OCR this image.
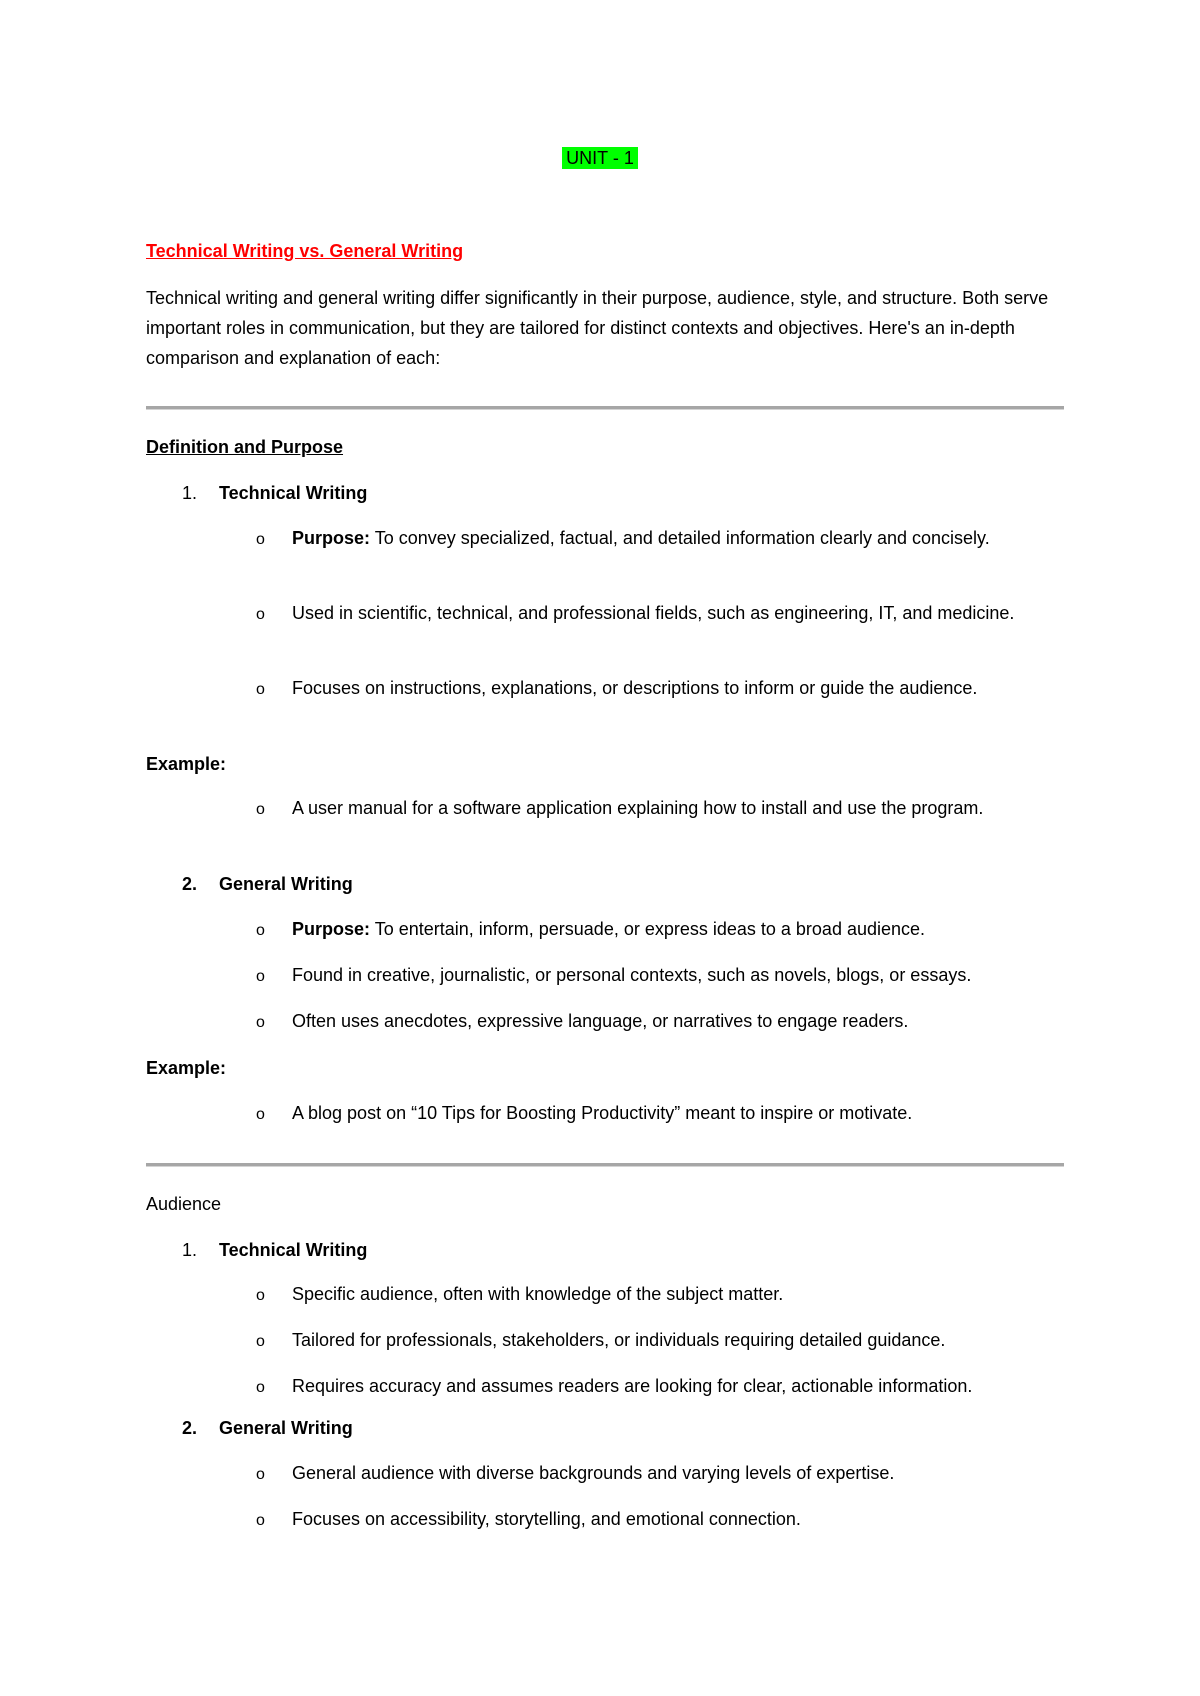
UNIT - 1
Technical Writing vs. General Writing
Technical writing and general writing differ significantly in their purpose, audience, style, and structure. Both serve important roles in communication, but they are tailored for distinct contexts and objectives. Here's an in-depth comparison and explanation of each:
Definition and Purpose
1. Technical Writing
o Purpose: To convey specialized, factual, and detailed information clearly and concisely.
o Used in scientific, technical, and professional fields, such as engineering, IT, and medicine.
o Focuses on instructions, explanations, or descriptions to inform or guide the audience.
Example:
o A user manual for a software application explaining how to install and use the program.
2. General Writing
o Purpose: To entertain, inform, persuade, or express ideas to a broad audience.
o Found in creative, journalistic, or personal contexts, such as novels, blogs, or essays.
o Often uses anecdotes, expressive language, or narratives to engage readers.
Example:
o A blog post on “10 Tips for Boosting Productivity” meant to inspire or motivate.
Audience
1. Technical Writing
o Specific audience, often with knowledge of the subject matter.
o Tailored for professionals, stakeholders, or individuals requiring detailed guidance.
o Requires accuracy and assumes readers are looking for clear, actionable information.
2. General Writing
o General audience with diverse backgrounds and varying levels of expertise.
o Focuses on accessibility, storytelling, and emotional connection.
